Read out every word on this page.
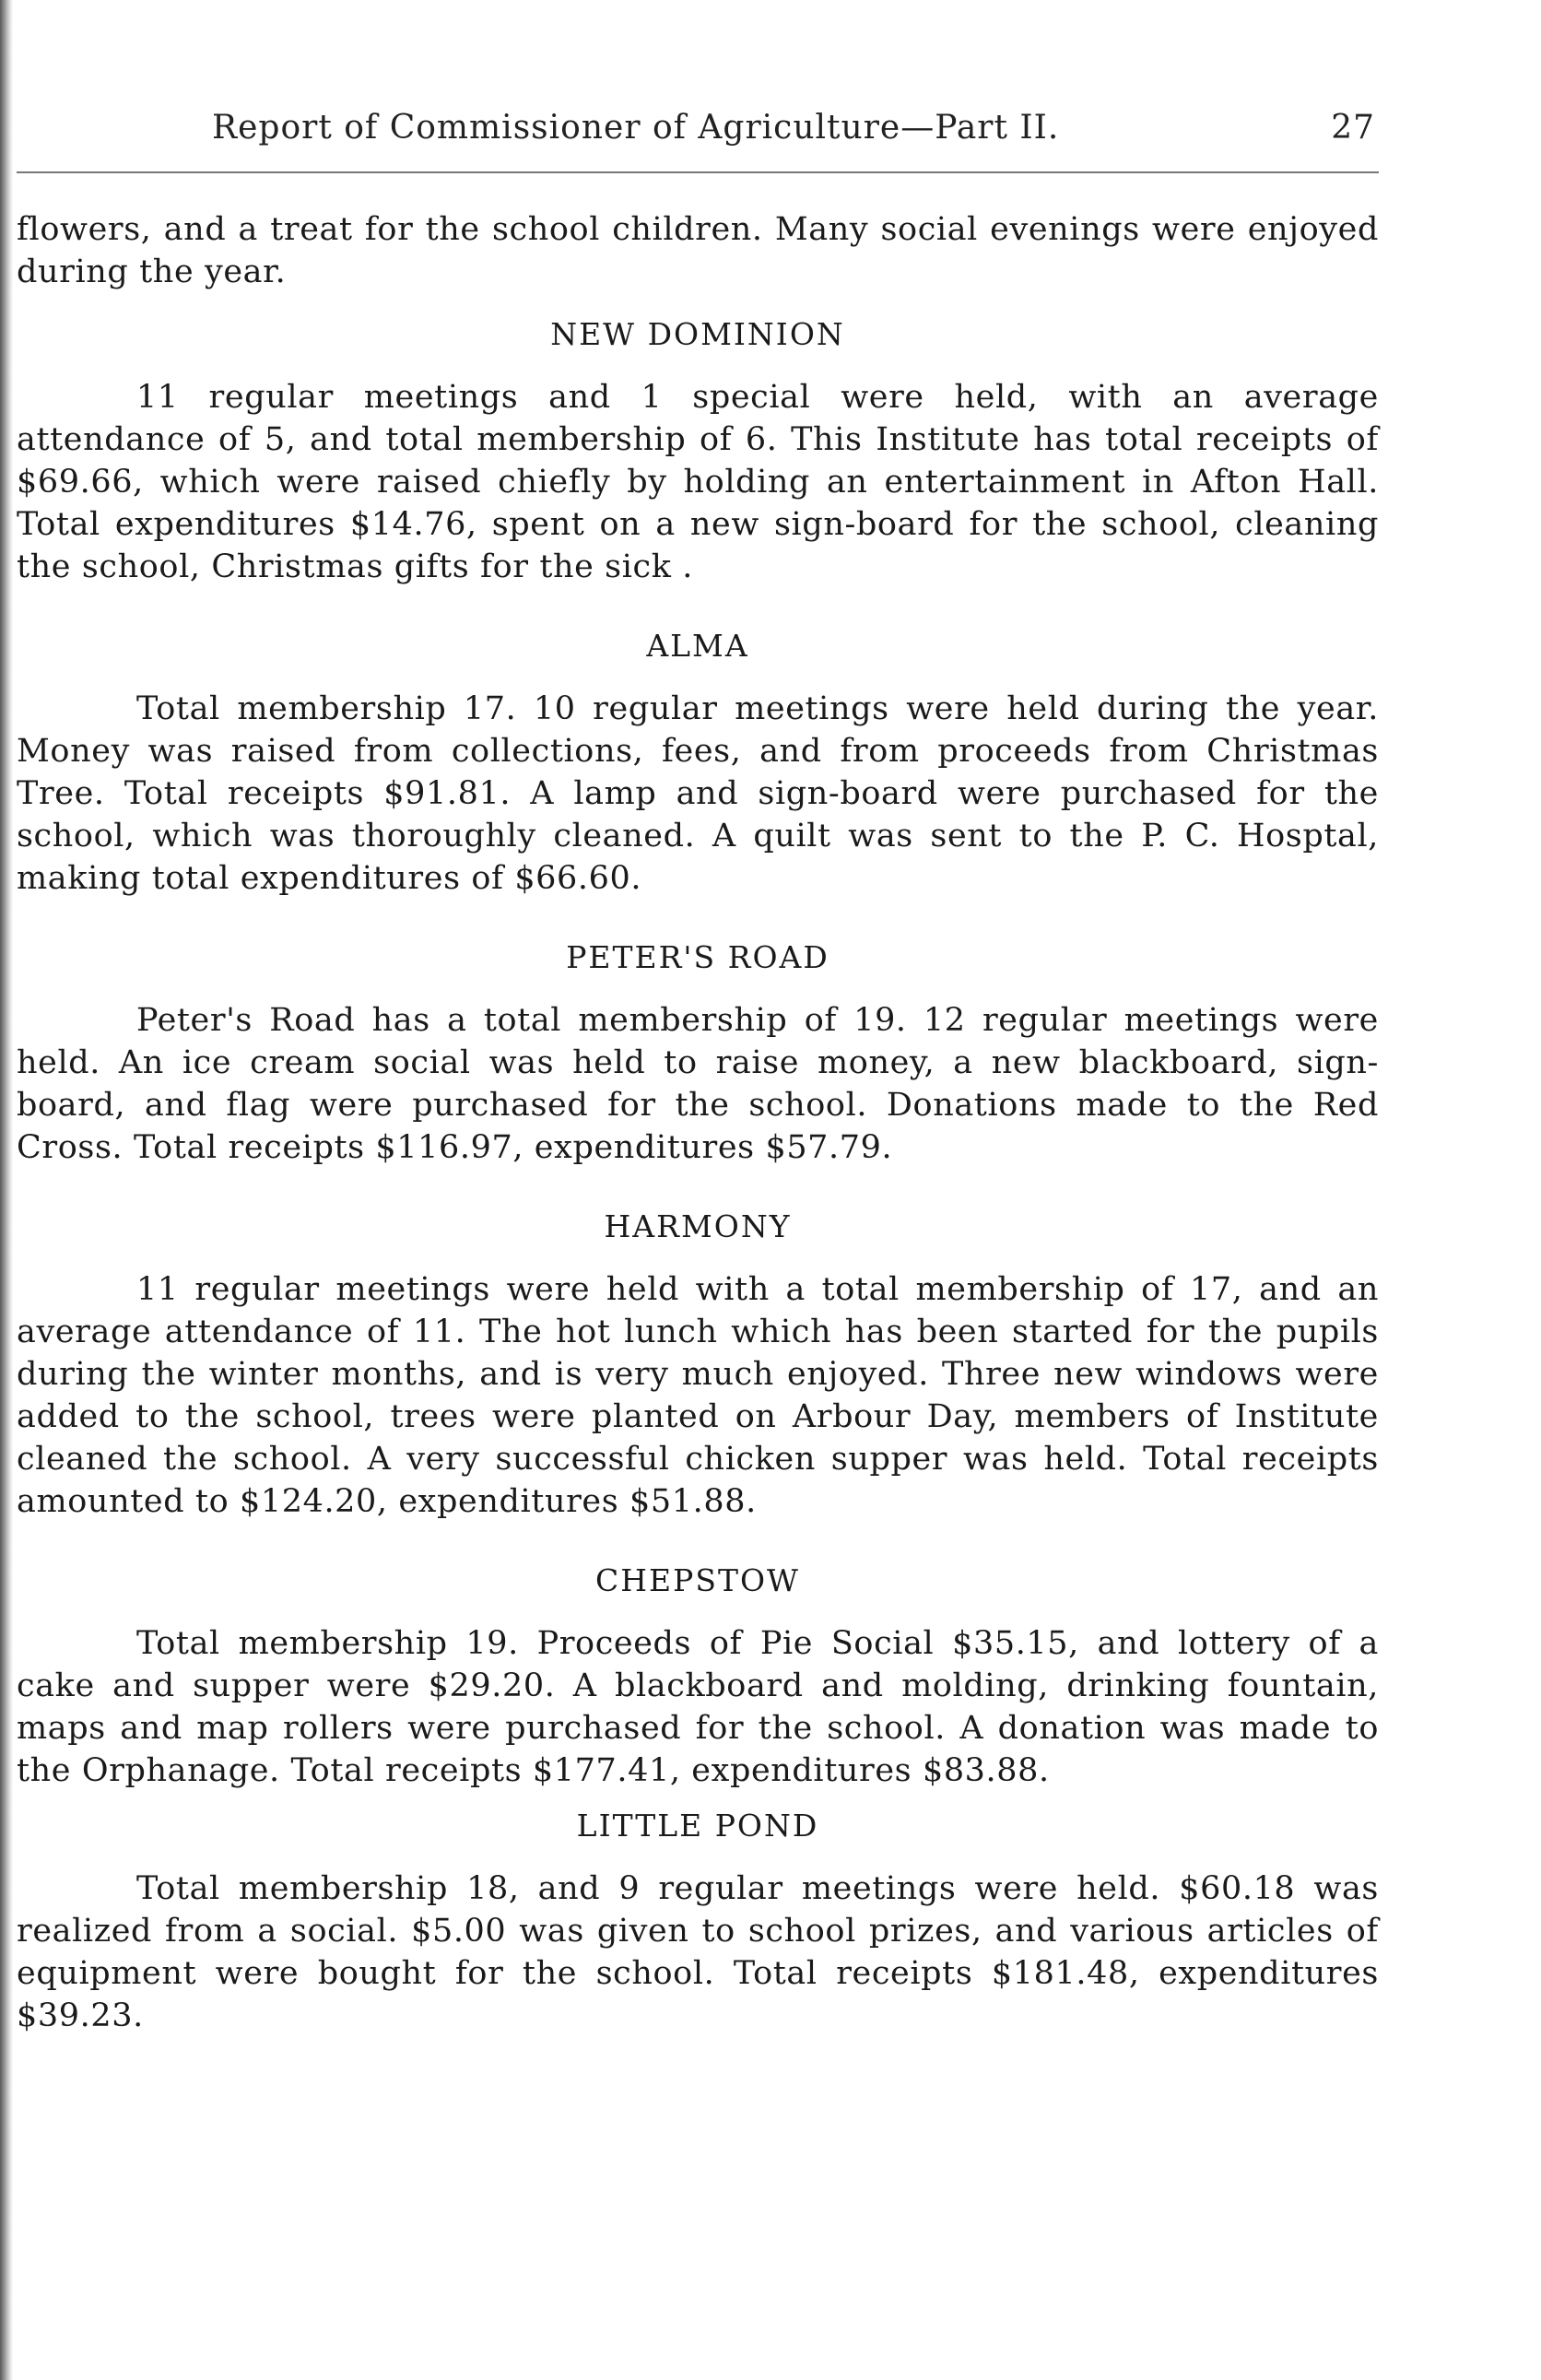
Report of Commissioner of Agriculture—Part II.	27

flowers, and a treat for the school children. Many social evenings were enjoyed during the year.

NEW DOMINION

11 regular meetings and 1 special were held, with an average attendance of 5, and total membership of 6. This Institute has total receipts of $69.66, which were raised chiefly by holding an entertainment in Afton Hall. Total expenditures $14.76, spent on a new sign-board for the school, cleaning the school, Christmas gifts for the sick .

ALMA

Total membership 17. 10 regular meetings were held during the year. Money was raised from collections, fees, and from proceeds from Christmas Tree. Total receipts $91.81. A lamp and sign-board were purchased for the school, which was thoroughly cleaned. A quilt was sent to the P. C. Hosptal, making total expenditures of $66.60.

PETER'S ROAD

Peter's Road has a total membership of 19. 12 regular meetings were held. An ice cream social was held to raise money, a new blackboard, sign-board, and flag were purchased for the school. Donations made to the Red Cross. Total receipts $116.97, expenditures $57.79.

HARMONY

11 regular meetings were held with a total membership of 17, and an average attendance of 11. The hot lunch which has been started for the pupils during the winter months, and is very much enjoyed. Three new windows were added to the school, trees were planted on Arbour Day, members of Institute cleaned the school. A very successful chicken supper was held. Total receipts amounted to $124.20, expenditures $51.88.

CHEPSTOW

Total membership 19. Proceeds of Pie Social $35.15, and lottery of a cake and supper were $29.20. A blackboard and molding, drinking fountain, maps and map rollers were purchased for the school. A donation was made to the Orphanage. Total receipts $177.41, expenditures $83.88.

LITTLE POND

Total membership 18, and 9 regular meetings were held. $60.18 was realized from a social. $5.00 was given to school prizes, and various articles of equipment were bought for the school. Total receipts $181.48, expenditures $39.23.
